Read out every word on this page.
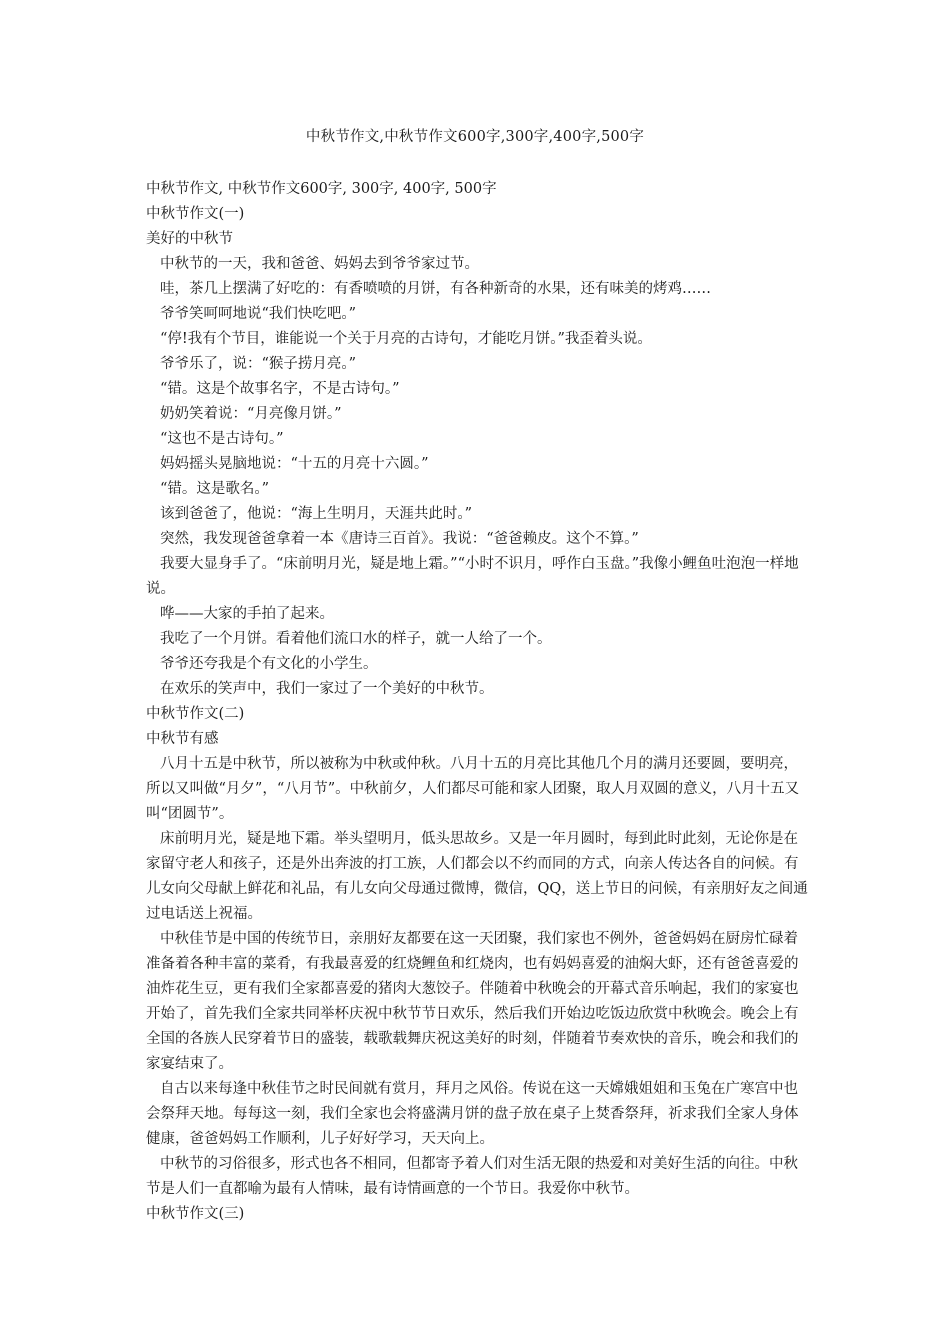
中秋节作文,中秋节作文600字,300字,400字,500字

中秋节作文, 中秋节作文600字, 300字, 400字, 500字

中秋节作文(一)

美好的中秋节

中秋节的一天，我和爸爸、妈妈去到爷爷家过节。

哇，茶几上摆满了好吃的：有香喷喷的月饼，有各种新奇的水果，还有味美的烤鸡……

爷爷笑呵呵地说“我们快吃吧。”

“停!我有个节目，谁能说一个关于月亮的古诗句，才能吃月饼。”我歪着头说。

爷爷乐了，说：“猴子捞月亮。”

“错。这是个故事名字，不是古诗句。”

奶奶笑着说：“月亮像月饼。”

“这也不是古诗句。”

妈妈摇头晃脑地说：“十五的月亮十六圆。”

“错。这是歌名。”

该到爸爸了，他说：“海上生明月，天涯共此时。”

突然，我发现爸爸拿着一本《唐诗三百首》。我说：“爸爸赖皮。这个不算。”

我要大显身手了。“床前明月光，疑是地上霜。”“小时不识月，呼作白玉盘。”我像小鲤鱼吐泡泡一样地说。

哗——大家的手拍了起来。

我吃了一个月饼。看着他们流口水的样子，就一人给了一个。

爷爷还夸我是个有文化的小学生。

在欢乐的笑声中，我们一家过了一个美好的中秋节。

中秋节作文(二)

中秋节有感

八月十五是中秋节，所以被称为中秋或仲秋。八月十五的月亮比其他几个月的满月还要圆，要明亮，所以又叫做“月夕”，“八月节”。中秋前夕，人们都尽可能和家人团聚，取人月双圆的意义，八月十五又叫“团圆节”。

床前明月光，疑是地下霜。举头望明月，低头思故乡。又是一年月圆时，每到此时此刻，无论你是在家留守老人和孩子，还是外出奔波的打工族，人们都会以不约而同的方式，向亲人传达各自的问候。有儿女向父母献上鲜花和礼品，有儿女向父母通过微博，微信，QQ，送上节日的问候，有亲朋好友之间通过电话送上祝福。

中秋佳节是中国的传统节日，亲朋好友都要在这一天团聚，我们家也不例外，爸爸妈妈在厨房忙碌着准备着各种丰富的菜肴，有我最喜爱的红烧鲤鱼和红烧肉，也有妈妈喜爱的油焖大虾，还有爸爸喜爱的油炸花生豆，更有我们全家都喜爱的猪肉大葱饺子。伴随着中秋晚会的开幕式音乐响起，我们的家宴也开始了，首先我们全家共同举杯庆祝中秋节节日欢乐，然后我们开始边吃饭边欣赏中秋晚会。晚会上有全国的各族人民穿着节日的盛装，载歌载舞庆祝这美好的时刻，伴随着节奏欢快的音乐，晚会和我们的家宴结束了。

自古以来每逢中秋佳节之时民间就有赏月，拜月之风俗。传说在这一天嫦娥姐姐和玉兔在广寒宫中也会祭拜天地。每每这一刻，我们全家也会将盛满月饼的盘子放在桌子上焚香祭拜，祈求我们全家人身体健康，爸爸妈妈工作顺利，儿子好好学习，天天向上。

中秋节的习俗很多，形式也各不相同，但都寄予着人们对生活无限的热爱和对美好生活的向往。中秋节是人们一直都喻为最有人情味，最有诗情画意的一个节日。我爱你中秋节。

中秋节作文(三)
